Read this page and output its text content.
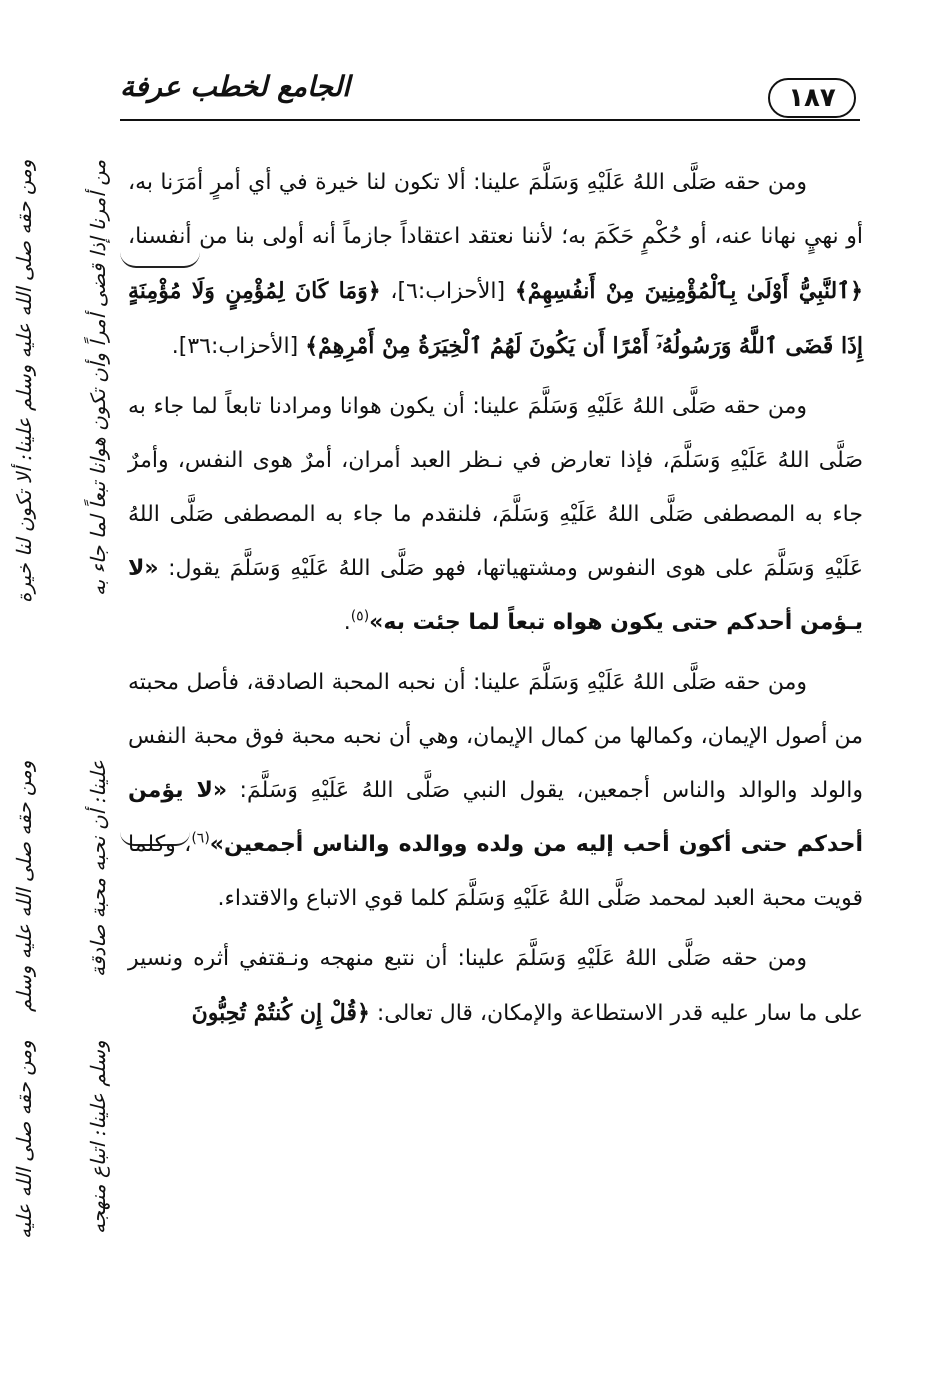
١٨٧
الجامع لخطب عرفة
ومن حقه صلى الله عليه وسلم علينا: ألا تكون لنا خيرة	من أمرنا إذا قضى أمراً وأن تكون هوانا تبعاً لما جاء به
ومن حقه صلى الله عليه وسلم	علينا: أن نحبه محبة صادقة
ومن حقه صلى الله عليه	وسلم علينا: اتباع منهجه

ومن حقه صَلَّى اللهُ عَلَيْهِ وَسَلَّمَ علينا: ألا تكون لنا خيرة في أي أمرٍ أمَرَنا به، أو نهيٍ نهانا عنه، أو حُكْمٍ حَكَمَ به؛ لأننا نعتقد اعتقاداً جازماً أنه أولى بنا من أنفسنا، ﴿ٱلنَّبِيُّ أَوْلَىٰ بِٱلْمُؤْمِنِينَ مِنْ أَنفُسِهِمْ﴾ [الأحزاب:٦]، ﴿وَمَا كَانَ لِمُؤْمِنٍ وَلَا مُؤْمِنَةٍ إِذَا قَضَى ٱللَّهُ وَرَسُولُهُۥٓ أَمْرًا أَن يَكُونَ لَهُمُ ٱلْخِيَرَةُ مِنْ أَمْرِهِمْ﴾ [الأحزاب:٣٦].

ومن حقه صَلَّى اللهُ عَلَيْهِ وَسَلَّمَ علينا: أن يكون هوانا ومرادنا تابعاً لما جاء به صَلَّى اللهُ عَلَيْهِ وَسَلَّمَ، فإذا تعارض في نـظر العبد أمران، أمرٌ هوى النفس، وأمرٌ جاء به المصطفى صَلَّى اللهُ عَلَيْهِ وَسَلَّمَ، فلنقدم ما جاء به المصطفى صَلَّى اللهُ عَلَيْهِ وَسَلَّمَ على هوى النفوس ومشتهياتها، فهو صَلَّى اللهُ عَلَيْهِ وَسَلَّمَ يقول: «لا يـؤمن أحدكم حتى يكون هواه تبعاً لما جئت به»$^{(٥)}$.

ومن حقه صَلَّى اللهُ عَلَيْهِ وَسَلَّمَ علينا: أن نحبه المحبة الصادقة، فأصل محبته من أصول الإيمان، وكمالها من كمال الإيمان، وهي أن نحبه محبة فوق محبة النفس والولد والوالد والناس أجمعين، يقول النبي صَلَّى اللهُ عَلَيْهِ وَسَلَّمَ: «لا يؤمن أحدكم حتى أكون أحب إليه من ولده ووالده والناس أجمعين»$^{(٦)}$، وكلما قويت محبة العبد لمحمد صَلَّى اللهُ عَلَيْهِ وَسَلَّمَ كلما قوي الاتباع والاقتداء.

ومن حقه صَلَّى اللهُ عَلَيْهِ وَسَلَّمَ علينا: أن نتبع منهجه ونـقتفي أثره ونسير على ما سار عليه قدر الاستطاعة والإمكان، قال تعالى: ﴿قُلْ إِن كُنتُمْ تُحِبُّونَ
